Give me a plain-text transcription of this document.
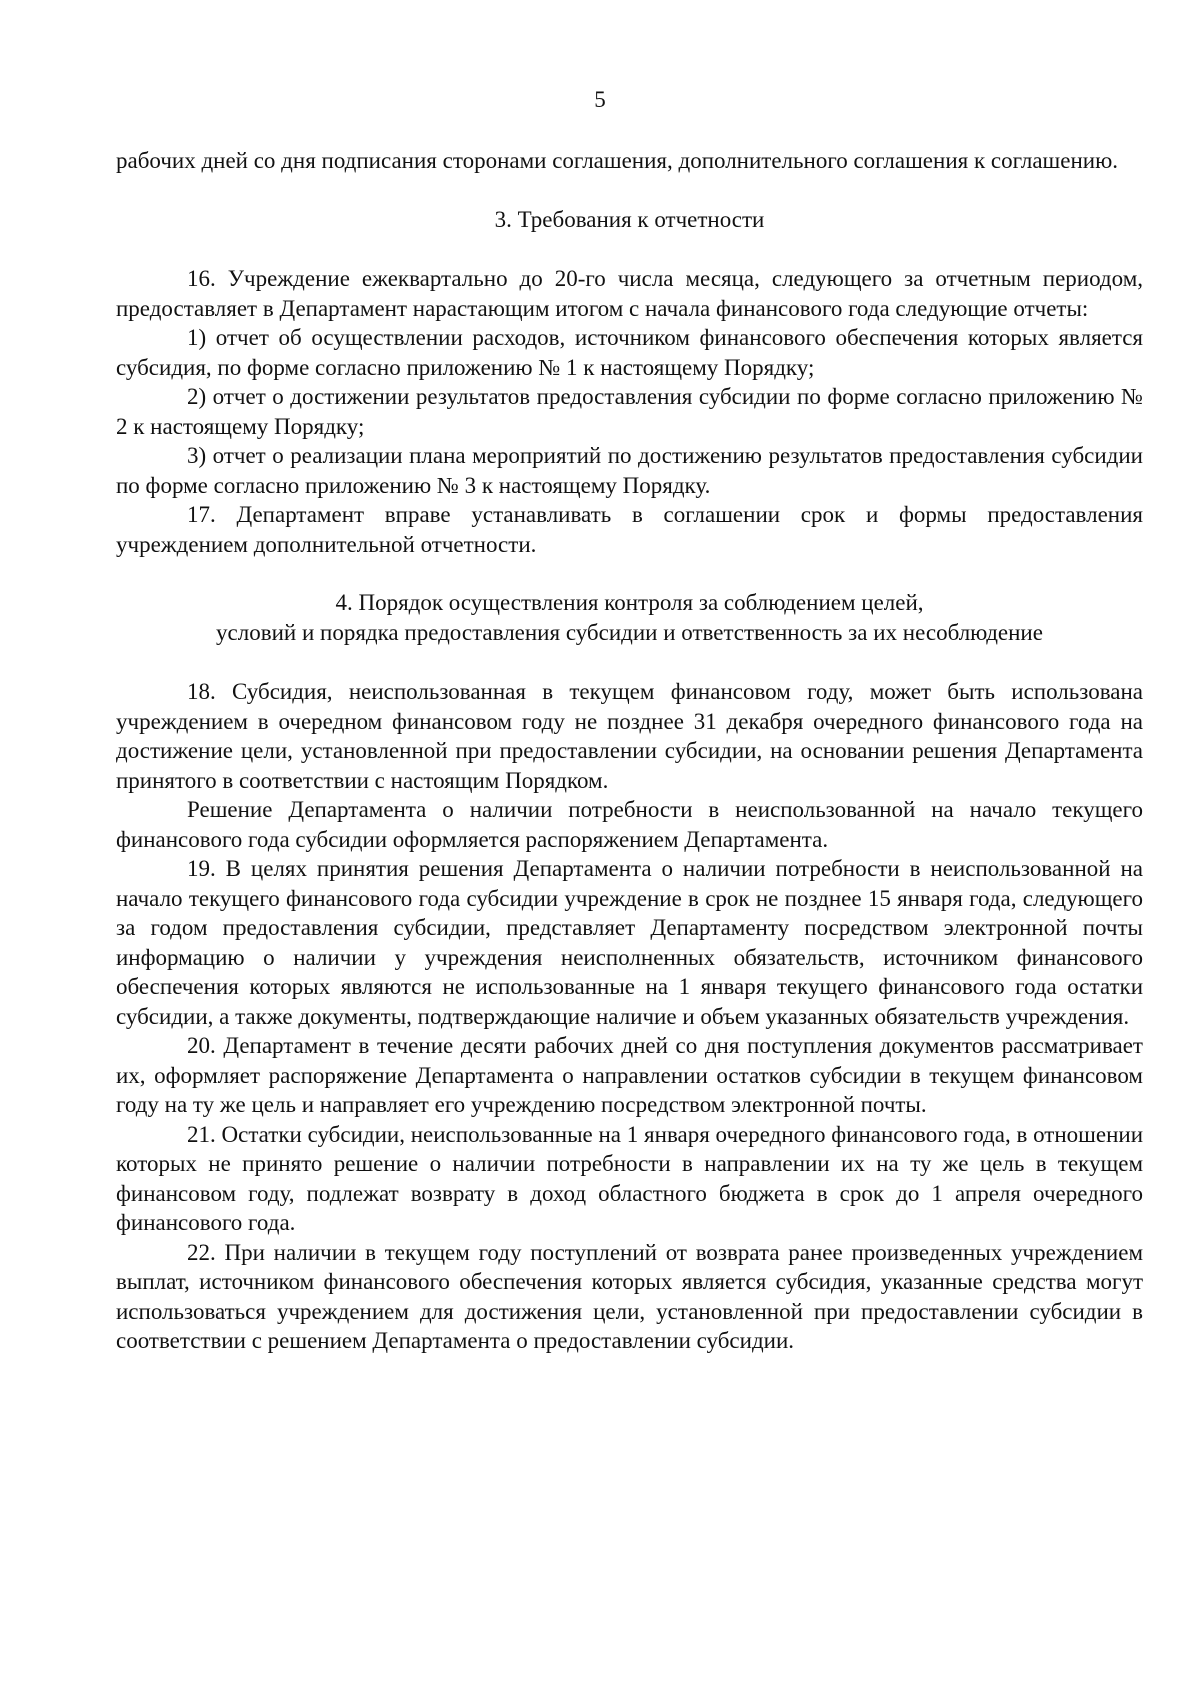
5
рабочих дней со дня подписания сторонами соглашения, дополнительного соглашения к соглашению.
3. Требования к отчетности
16. Учреждение ежеквартально до 20-го числа месяца, следующего за отчетным периодом, предоставляет в Департамент нарастающим итогом с начала финансового года следующие отчеты:
1) отчет об осуществлении расходов, источником финансового обеспечения которых является субсидия, по форме согласно приложению № 1 к настоящему Порядку;
2) отчет о достижении результатов предоставления субсидии по форме согласно приложению № 2 к настоящему Порядку;
3) отчет о реализации плана мероприятий по достижению результатов предоставления субсидии по форме согласно приложению № 3 к настоящему Порядку.
17. Департамент вправе устанавливать в соглашении срок и формы предоставления учреждением дополнительной отчетности.
4. Порядок осуществления контроля за соблюдением целей,
условий и порядка предоставления субсидии и ответственность за их несоблюдение
18. Субсидия, неиспользованная в текущем финансовом году, может быть использована учреждением в очередном финансовом году не позднее 31 декабря очередного финансового года на достижение цели, установленной при предоставлении субсидии, на основании решения Департамента принятого в соответствии с настоящим Порядком.
Решение Департамента о наличии потребности в неиспользованной на начало текущего финансового года субсидии оформляется распоряжением Департамента.
19. В целях принятия решения Департамента о наличии потребности в неиспользованной на начало текущего финансового года субсидии учреждение в срок не позднее 15 января года, следующего за годом предоставления субсидии, представляет Департаменту посредством электронной почты информацию о наличии у учреждения неисполненных обязательств, источником финансового обеспечения которых являются не использованные на 1 января текущего финансового года остатки субсидии, а также документы, подтверждающие наличие и объем указанных обязательств учреждения.
20. Департамент в течение десяти рабочих дней со дня поступления документов рассматривает их, оформляет распоряжение Департамента о направлении остатков субсидии в текущем финансовом году на ту же цель и направляет его учреждению посредством электронной почты.
21. Остатки субсидии, неиспользованные на 1 января очередного финансового года, в отношении которых не принято решение о наличии потребности в направлении их на ту же цель в текущем финансовом году, подлежат возврату в доход областного бюджета в срок до 1 апреля очередного финансового года.
22. При наличии в текущем году поступлений от возврата ранее произведенных учреждением выплат, источником финансового обеспечения которых является субсидия, указанные средства могут использоваться учреждением для достижения цели, установленной при предоставлении субсидии в соответствии с решением Департамента о предоставлении субсидии.
